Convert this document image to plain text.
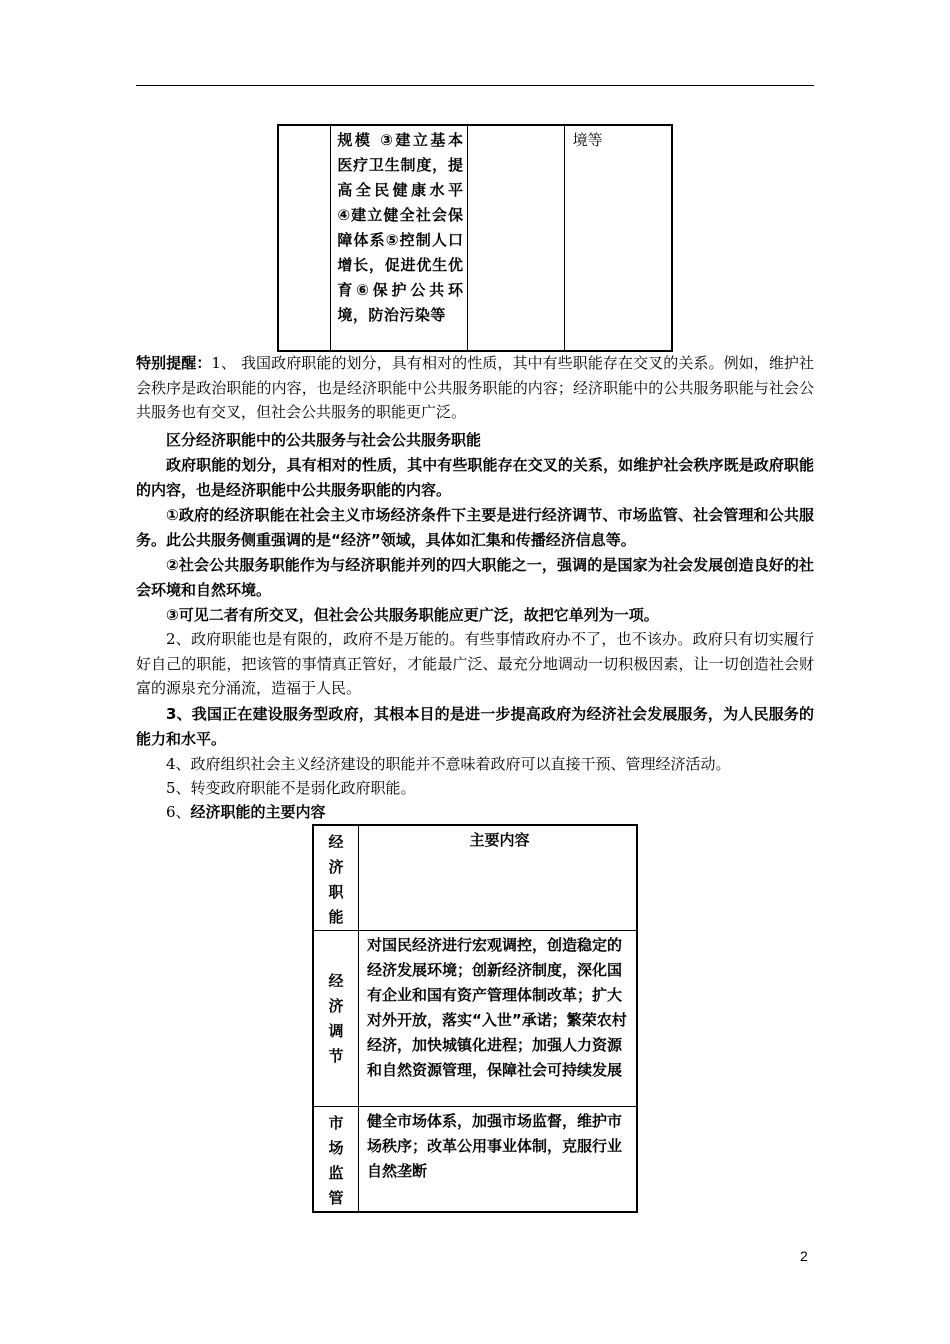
	规模 ③建立基本医疗卫生制度，提高全民健康水平 ④建立健全社会保障体系⑤控制人口增长，促进优生优育⑥保护公共环境，防治污染等		境等
特别提醒：1、 我国政府职能的划分，具有相对的性质，其中有些职能存在交叉的关系。例如，维护社会秩序是政治职能的内容，也是经济职能中公共服务职能的内容；经济职能中的公共服务职能与社会公共服务也有交叉，但社会公共服务的职能更广泛。
区分经济职能中的公共服务与社会公共服务职能
政府职能的划分，具有相对的性质，其中有些职能存在交叉的关系，如维护社会秩序既是政府职能的内容，也是经济职能中公共服务职能的内容。
①政府的经济职能在社会主义市场经济条件下主要是进行经济调节、市场监管、社会管理和公共服务。此公共服务侧重强调的是“经济”领域，具体如汇集和传播经济信息等。
②社会公共服务职能作为与经济职能并列的四大职能之一，强调的是国家为社会发展创造良好的社会环境和自然环境。
③可见二者有所交叉，但社会公共服务职能应更广泛，故把它单列为一项。
2、政府职能也是有限的，政府不是万能的。有些事情政府办不了，也不该办。政府只有切实履行好自己的职能，把该管的事情真正管好，才能最广泛、最充分地调动一切积极因素，让一切创造社会财富的源泉充分涌流，造福于人民。
3、我国正在建设服务型政府，其根本目的是进一步提高政府为经济社会发展服务，为人民服务的能力和水平。
4、政府组织社会主义经济建设的职能并不意味着政府可以直接干预、管理经济活动。
5、转变政府职能不是弱化政府职能。
6、经济职能的主要内容
经
济
职
能	主要内容

经
济
调
节	对国民经济进行宏观调控，创造稳定的经济发展环境；创新经济制度，深化国有企业和国有资产管理体制改革；扩大对外开放，落实“入世”承诺；繁荣农村经济，加快城镇化进程；加强人力资源和自然资源管理，保障社会可持续发展

市
场
监
管	健全市场体系，加强市场监督，维护市场秩序；改革公用事业体制，克服行业自然垄断
2
